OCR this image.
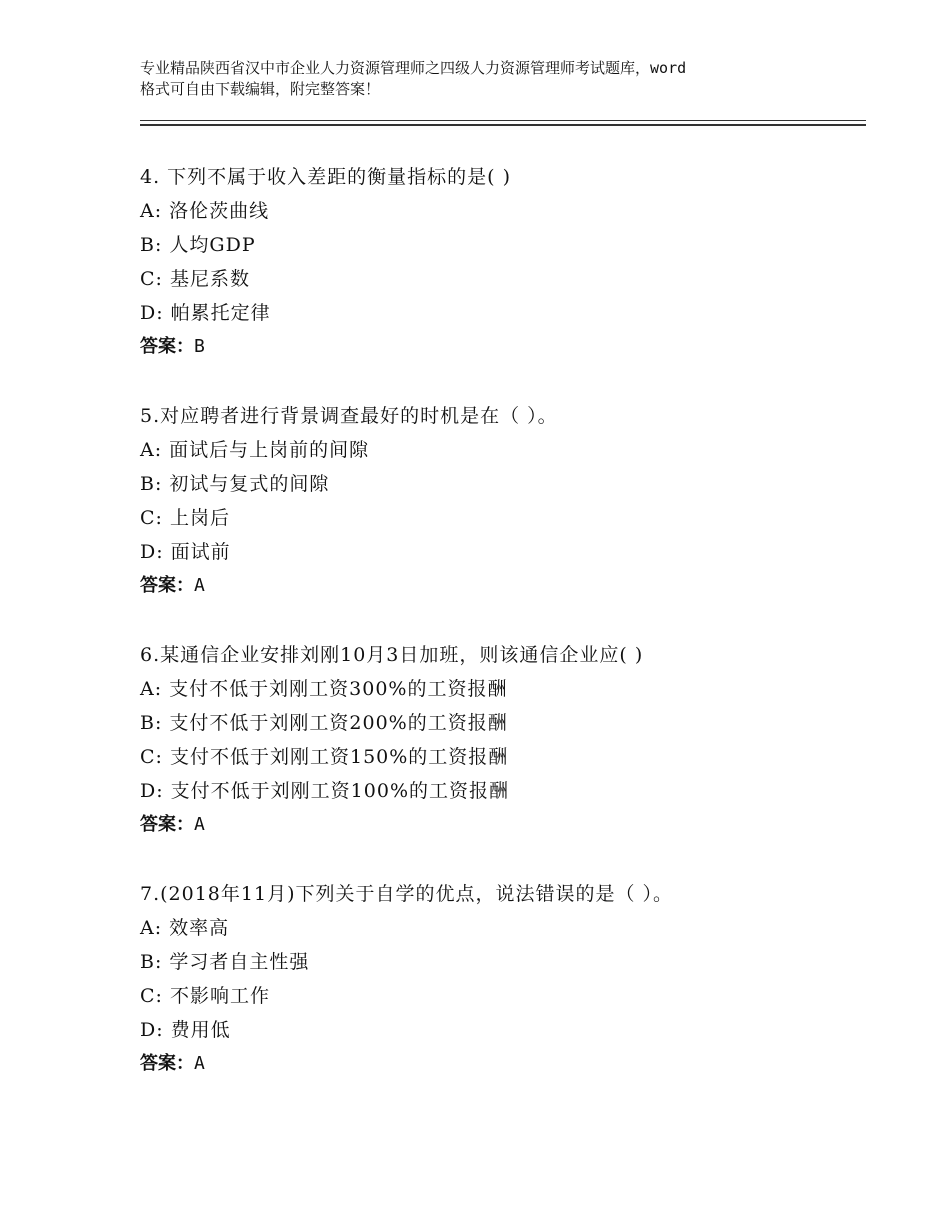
专业精品陕西省汉中市企业人力资源管理师之四级人力资源管理师考试题库，word
格式可自由下载编辑，附完整答案！
4. 下列不属于收入差距的衡量指标的是( )
A: 洛伦茨曲线
B: 人均GDP
C: 基尼系数
D: 帕累托定律
答案：B
5.对应聘者进行背景调查最好的时机是在（ ）。
A: 面试后与上岗前的间隙
B: 初试与复式的间隙
C: 上岗后
D: 面试前
答案：A
6.某通信企业安排刘刚10月3日加班，则该通信企业应( )
A: 支付不低于刘刚工资300%的工资报酬
B: 支付不低于刘刚工资200%的工资报酬
C: 支付不低于刘刚工资150%的工资报酬
D: 支付不低于刘刚工资100%的工资报酬
答案：A
7.(2018年11月)下列关于自学的优点，说法错误的是（ ）。
A: 效率高
B: 学习者自主性强
C: 不影响工作
D: 费用低
答案：A
